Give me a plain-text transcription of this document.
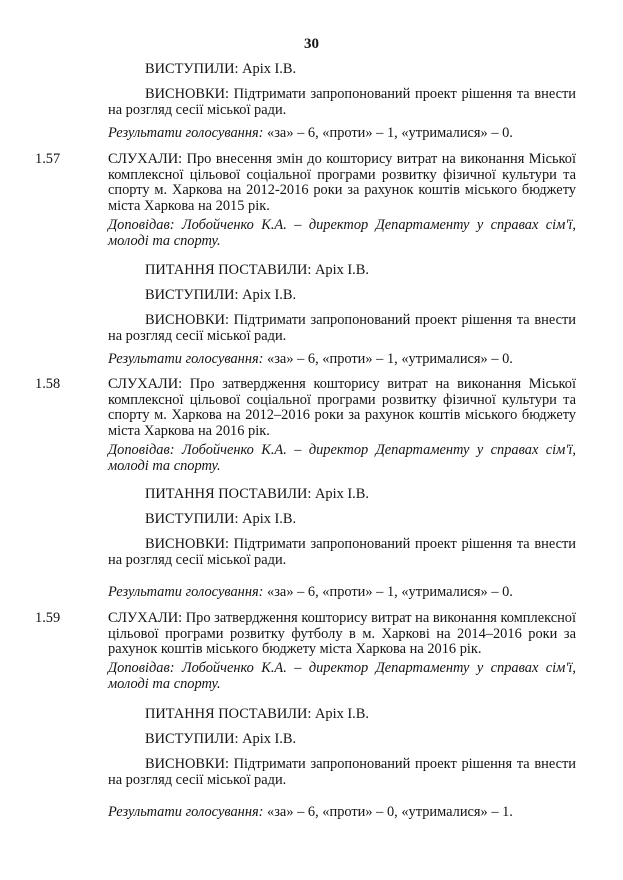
30
ВИСТУПИЛИ: Аріх І.В.
ВИСНОВКИ: Підтримати запропонований проект рішення та внести на розгляд сесії міської ради.
Результати голосування: «за» – 6, «проти» – 1, «утрималися» – 0.
1.57	СЛУХАЛИ: Про внесення змін до кошторису витрат на виконання Міської комплексної цільової соціальної програми розвитку фізичної культури та спорту м. Харкова на 2012-2016 роки за рахунок коштів міського бюджету міста Харкова на 2015 рік.
Доповідав: Лобойченко К.А. – директор Департаменту у справах сім'ї, молоді та спорту.
ПИТАННЯ ПОСТАВИЛИ: Аріх І.В.
ВИСТУПИЛИ: Аріх І.В.
ВИСНОВКИ: Підтримати запропонований проект рішення та внести на розгляд сесії міської ради.
Результати голосування: «за» – 6, «проти» – 1, «утрималися» – 0.
1.58	СЛУХАЛИ: Про затвердження кошторису витрат на виконання Міської комплексної цільової соціальної програми розвитку фізичної культури та спорту м. Харкова на 2012–2016 роки за рахунок коштів міського бюджету міста Харкова на 2016 рік.
Доповідав: Лобойченко К.А. – директор Департаменту у справах сім'ї, молоді та спорту.
ПИТАННЯ ПОСТАВИЛИ: Аріх І.В.
ВИСТУПИЛИ: Аріх І.В.
ВИСНОВКИ: Підтримати запропонований проект рішення та внести на розгляд сесії міської ради.
Результати голосування: «за» – 6, «проти» – 1, «утрималися» – 0.
1.59	СЛУХАЛИ: Про затвердження кошторису витрат на виконання комплексної цільової програми розвитку футболу в м. Харкові на 2014–2016 роки за рахунок коштів міського бюджету міста Харкова на 2016 рік.
Доповідав: Лобойченко К.А. – директор Департаменту у справах сім'ї, молоді та спорту.
ПИТАННЯ ПОСТАВИЛИ: Аріх І.В.
ВИСТУПИЛИ: Аріх І.В.
ВИСНОВКИ: Підтримати запропонований проект рішення та внести на розгляд сесії міської ради.
Результати голосування: «за» – 6, «проти» – 0, «утрималися» – 1.
